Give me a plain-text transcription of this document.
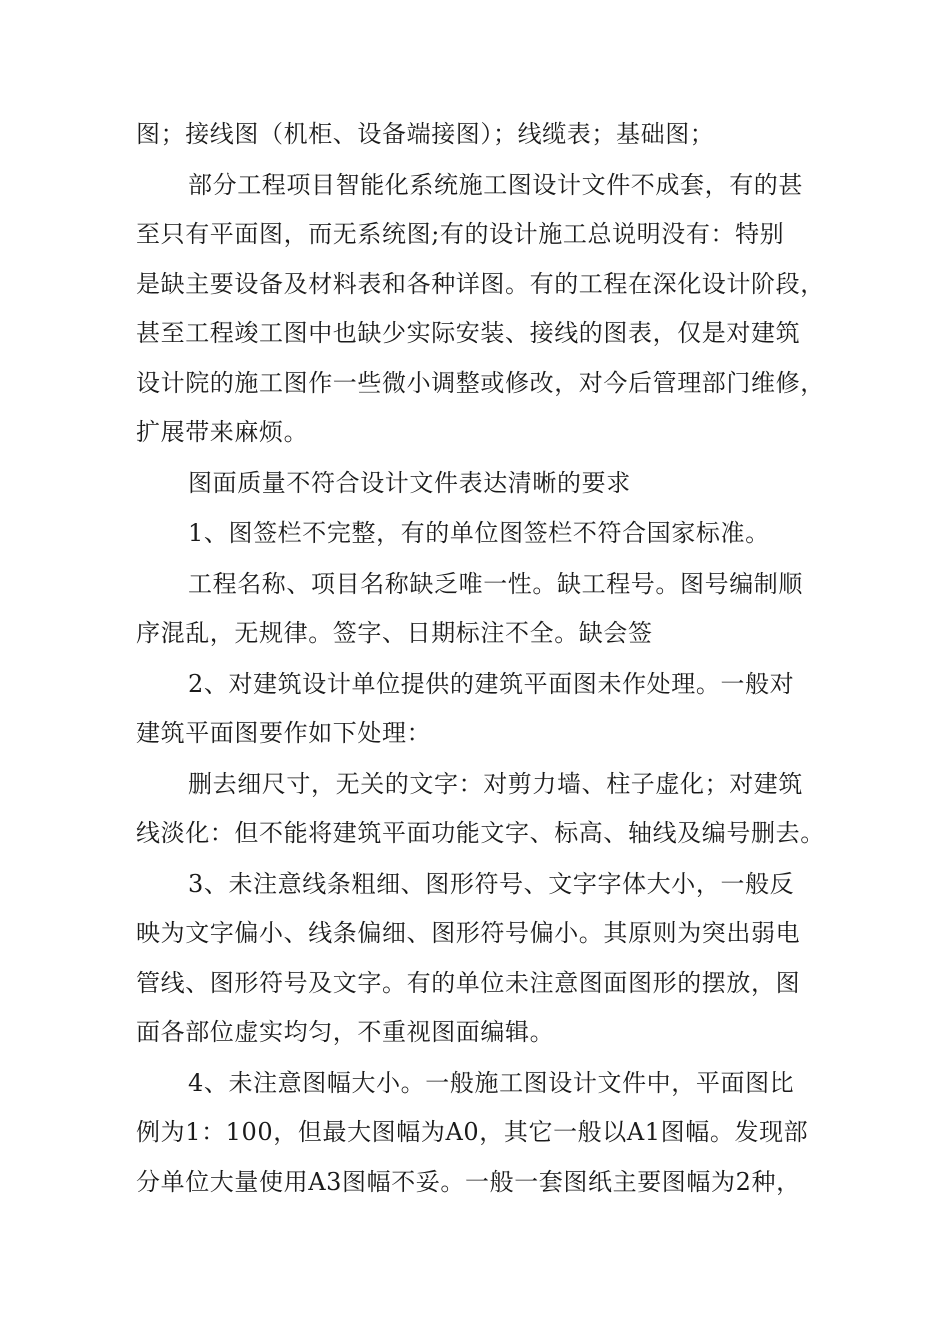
图；接线图（机柜、设备端接图）；线缆表；基础图；

部分工程项目智能化系统施工图设计文件不成套，有的甚
至只有平面图，而无系统图;有的设计施工总说明没有：特别
是缺主要设备及材料表和各种详图。有的工程在深化设计阶段，
甚至工程竣工图中也缺少实际安装、接线的图表，仅是对建筑
设计院的施工图作一些微小调整或修改，对今后管理部门维修，
扩展带来麻烦。

图面质量不符合设计文件表达清晰的要求

1、图签栏不完整，有的单位图签栏不符合国家标准。

工程名称、项目名称缺乏唯一性。缺工程号。图号编制顺
序混乱，无规律。签字、日期标注不全。缺会签

2、对建筑设计单位提供的建筑平面图未作处理。一般对
建筑平面图要作如下处理：

删去细尺寸，无关的文字：对剪力墙、柱子虚化；对建筑
线淡化：但不能将建筑平面功能文字、标高、轴线及编号删去。

3、未注意线条粗细、图形符号、文字字体大小，一般反
映为文字偏小、线条偏细、图形符号偏小。其原则为突出弱电
管线、图形符号及文字。有的单位未注意图面图形的摆放，图
面各部位虚实均匀，不重视图面编辑。

4、未注意图幅大小。一般施工图设计文件中，平面图比
例为1：100，但最大图幅为A0，其它一般以A1图幅。发现部
分单位大量使用A3图幅不妥。一般一套图纸主要图幅为2种，
